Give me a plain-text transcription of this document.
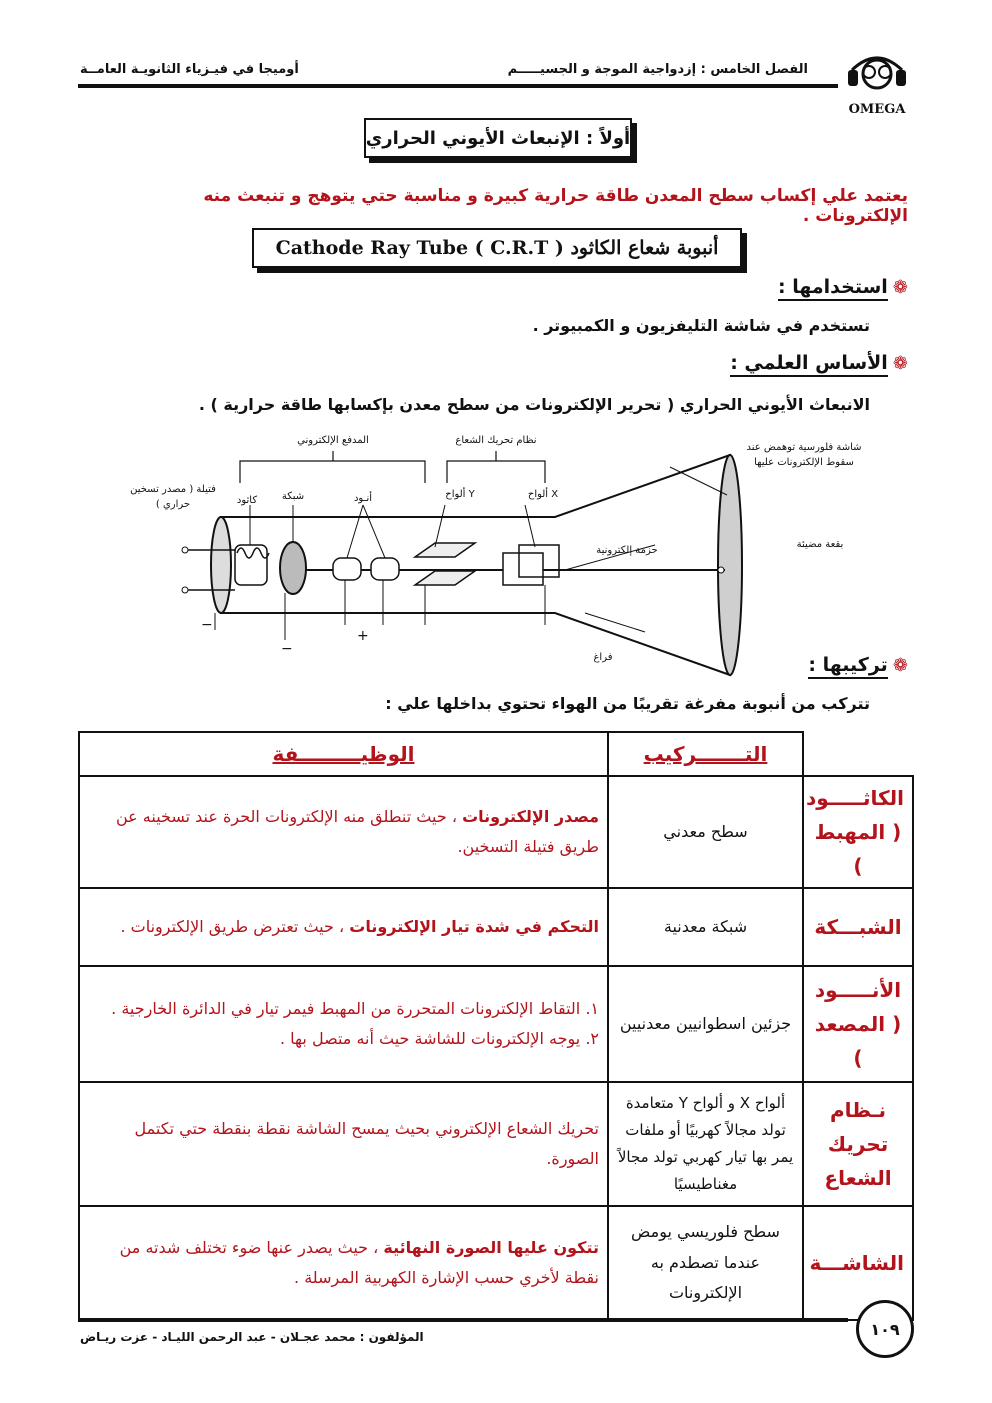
OMEGA
الفصل الخامس : إزدواجية الموجة و الجسيـــــم
أوميجا في فيـزياء الثانويـة العامــة
أولاً : الإنبعاث الأيوني الحراري
يعتمد علي إكساب سطح المعدن طاقة حرارية كبيرة و مناسبة حتي يتوهج و تنبعث منه الإلكترونات .
أنبوبة شعاع الكاثود Cathode Ray Tube ( C.R.T )
❁ استخدامها :
تستخدم في شاشة التليفزيون و الكمبيوتر .
❁ الأساس العلمي :
الانبعاث الأيوني الحراري ( تحرير الإلكترونات من سطح معدن بإكسابها طاقة حرارية ) .
المدفع الإلكتروني	نظام تحريك الشعاع
كاثود شبكة	أنـود	ألواح Y	ألواح X
حزمة إلكترونية
بقعة مضيئة
فراغ
−
−
+
شاشة فلورسية توهمض عند سقوط الإلكترونات عليها
فتيلة ( مصدر تسخين حراري )
❁ تركيبها :
تتركب من أنبوبة مفرغة تقريبًا من الهواء تحتوي بداخلها علي :
	التـــــــركيب	الوظيـــــــــفة
الكاثـــــود ( المهبط )	سطح معدني	مصدر الإلكترونات ، حيث تنطلق منه الإلكترونات الحرة عند تسخينه عن طريق فتيلة التسخين.
الشبـــكة	شبكة معدنية	التحكم في شدة تيار الإلكترونات ، حيث تعترض طريق الإلكترونات .
الأنـــــود ( المصعد )	جزئين اسطوانيين معدنيين	١. التقاط الإلكترونات المتحررة من المهبط فيمر تيار في الدائرة الخارجية .
٢. يوجه الإلكترونات للشاشة حيث أنه متصل بها .

نـظام تحريك الشعاع	ألواح X و ألواح Y متعامدة تولد مجالاً كهربيًا أو ملفات يمر بها تيار كهربي تولد مجالاً مغناطيسيًا	تحريك الشعاع الإلكتروني بحيث يمسح الشاشة نقطة بنقطة حتي تكتمل الصورة.
الشاشـــة	سطح فلوريسي يومض عندما تصطدم به الإلكترونات	تتكون عليها الصورة النهائية ، حيث يصدر عنها ضوء تختلف شدته من نقطة لأخري حسب الإشارة الكهربية المرسلة .
١٠٩
المؤلفون : محمد عجـلان - عبد الرحمن الليـاد - عزت ريـاض
